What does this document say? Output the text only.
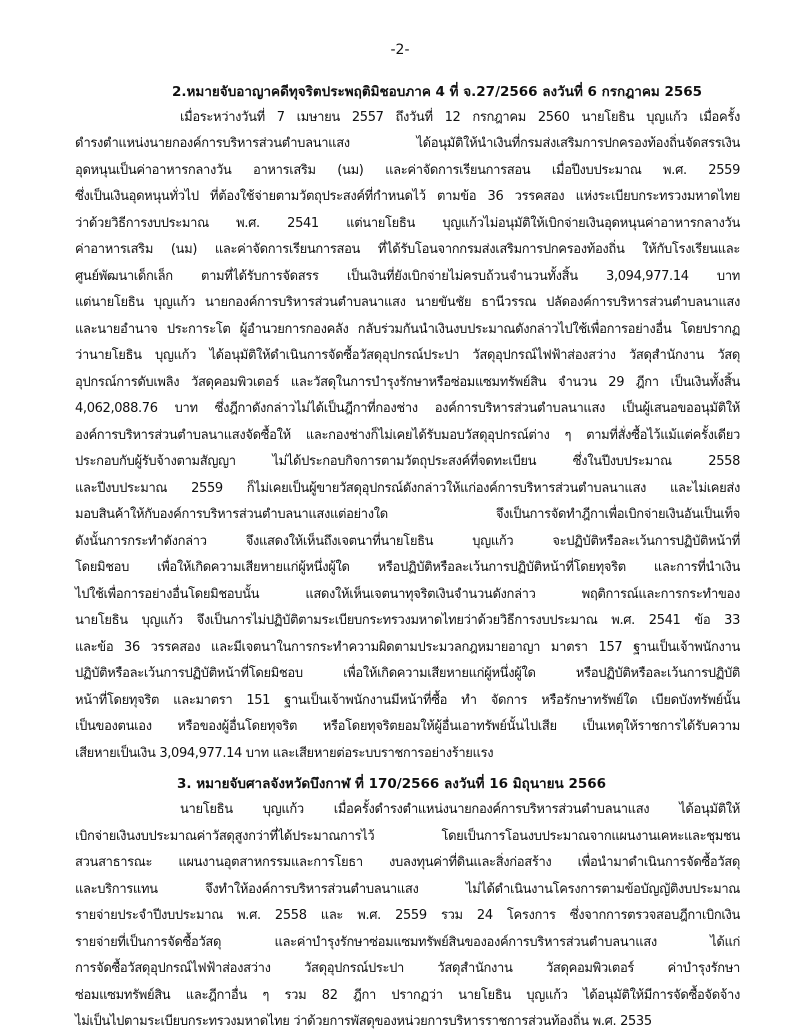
-2-
2.หมายจับอาญาคดีทุจริตประพฤติมิชอบภาค 4 ที่ จ.27/2566 ลงวันที่ 6 กรกฎาคม 2565
เมื่อระหว่างวันที่ 7 เมษายน 2557 ถึงวันที่ 12 กรกฎาคม 2560 นายโยธิน บุญแก้ว เมื่อครั้ง
ดำรงตำแหน่งนายกองค์การบริหารส่วนตำบลนาแสง ได้อนุมัติให้นำเงินที่กรมส่งเสริมการปกครองท้องถิ่นจัดสรรเงิน
อุดหนุนเป็นค่าอาหารกลางวัน อาหารเสริม (นม) และค่าจัดการเรียนการสอน เมื่อปีงบประมาณ พ.ศ. 2559
ซึ่งเป็นเงินอุดหนุนทั่วไป ที่ต้องใช้จ่ายตามวัตถุประสงค์ที่กำหนดไว้ ตามข้อ 36 วรรคสอง แห่งระเบียบกระทรวงมหาดไทย
ว่าด้วยวิธีการงบประมาณ พ.ศ. 2541 แต่นายโยธิน บุญแก้วไม่อนุมัติให้เบิกจ่ายเงินอุดหนุนค่าอาหารกลางวัน
ค่าอาหารเสริม (นม) และค่าจัดการเรียนการสอน ที่ได้รับโอนจากกรมส่งเสริมการปกครองท้องถิ่น ให้กับโรงเรียนและ
ศูนย์พัฒนาเด็กเล็ก ตามที่ได้รับการจัดสรร เป็นเงินที่ยังเบิกจ่ายไม่ครบถ้วนจำนวนทั้งสิ้น 3,094,977.14 บาท
แต่นายโยธิน บุญแก้ว นายกองค์การบริหารส่วนตำบลนาแสง นายขันชัย ธานีวรรณ ปลัดองค์การบริหารส่วนตำบลนาแสง
และนายอำนาจ ประการะโต ผู้อำนวยการกองคลัง กลับร่วมกันนำเงินงบประมาณดังกล่าวไปใช้เพื่อการอย่างอื่น โดยปรากฏ
ว่านายโยธิน บุญแก้ว ได้อนุมัติให้ดำเนินการจัดซื้อวัสดุอุปกรณ์ประปา วัสดุอุปกรณ์ไฟฟ้าส่องสว่าง วัสดุสำนักงาน วัสดุ
อุปกรณ์การดับเพลิง วัสดุคอมพิวเตอร์ และวัสดุในการบำรุงรักษาหรือซ่อมแซมทรัพย์สิน จำนวน 29 ฎีกา เป็นเงินทั้งสิ้น
4,062,088.76 บาท ซึ่งฎีกาดังกล่าวไม่ได้เป็นฎีกาที่กองช่าง องค์การบริหารส่วนตำบลนาแสง เป็นผู้เสนอขออนุมัติให้
องค์การบริหารส่วนตำบลนาแสงจัดซื้อให้ และกองช่างก็ไม่เคยได้รับมอบวัสดุอุปกรณ์ต่าง ๆ ตามที่สั่งซื้อไว้แม้แต่ครั้งเดียว
ประกอบกับผู้รับจ้างตามสัญญา ไม่ได้ประกอบกิจการตามวัตถุประสงค์ที่จดทะเบียน ซึ่งในปีงบประมาณ 2558
และปีงบประมาณ 2559 ก็ไม่เคยเป็นผู้ขายวัสดุอุปกรณ์ดังกล่าวให้แก่องค์การบริหารส่วนตำบลนาแสง และไม่เคยส่ง
มอบสินค้าให้กับองค์การบริหารส่วนตำบลนาแสงแต่อย่างใด จึงเป็นการจัดทำฎีกาเพื่อเบิกจ่ายเงินอันเป็นเท็จ
ดังนั้นการกระทำดังกล่าว จึงแสดงให้เห็นถึงเจตนาที่นายโยธิน บุญแก้ว จะปฏิบัติหรือละเว้นการปฏิบัติหน้าที่
โดยมิชอบ เพื่อให้เกิดความเสียหายแก่ผู้หนึ่งผู้ใด หรือปฏิบัติหรือละเว้นการปฏิบัติหน้าที่โดยทุจริต และการที่นำเงิน
ไปใช้เพื่อการอย่างอื่นโดยมิชอบนั้น แสดงให้เห็นเจตนาทุจริตเงินจำนวนดังกล่าว พฤติการณ์และการกระทำของ
นายโยธิน บุญแก้ว จึงเป็นการไม่ปฏิบัติตามระเบียบกระทรวงมหาดไทยว่าด้วยวิธีการงบประมาณ พ.ศ. 2541 ข้อ 33
และข้อ 36 วรรคสอง และมีเจตนาในการกระทำความผิดตามประมวลกฎหมายอาญา มาตรา 157 ฐานเป็นเจ้าพนักงาน
ปฏิบัติหรือละเว้นการปฏิบัติหน้าที่โดยมิชอบ เพื่อให้เกิดความเสียหายแก่ผู้หนึ่งผู้ใด หรือปฏิบัติหรือละเว้นการปฏิบัติ
หน้าที่โดยทุจริต และมาตรา 151 ฐานเป็นเจ้าพนักงานมีหน้าที่ซื้อ ทำ จัดการ หรือรักษาทรัพย์ใด เบียดบังทรัพย์นั้น
เป็นของตนเอง หรือของผู้อื่นโดยทุจริต หรือโดยทุจริตยอมให้ผู้อื่นเอาทรัพย์นั้นไปเสีย เป็นเหตุให้ราชการได้รับความ
เสียหายเป็นเงิน 3,094,977.14 บาท และเสียหายต่อระบบราชการอย่างร้ายแรง
3. หมายจับศาลจังหวัดบึงกาฬ ที่ 170/2566 ลงวันที่ 16 มิถุนายน 2566
นายโยธิน บุญแก้ว เมื่อครั้งดำรงตำแหน่งนายกองค์การบริหารส่วนตำบลนาแสง ได้อนุมัติให้
เบิกจ่ายเงินงบประมาณค่าวัสดุสูงกว่าที่ได้ประมาณการไว้ โดยเป็นการโอนงบประมาณจากแผนงานเคหะและชุมชน
สวนสาธารณะ แผนงานอุตสาหกรรมและการโยธา งบลงทุนค่าที่ดินและสิ่งก่อสร้าง เพื่อนำมาดำเนินการจัดซื้อวัสดุ
และบริการแทน จึงทำให้องค์การบริหารส่วนตำบลนาแสง ไม่ได้ดำเนินงานโครงการตามข้อบัญญัติงบประมาณ
รายจ่ายประจำปีงบประมาณ พ.ศ. 2558 และ พ.ศ. 2559 รวม 24 โครงการ ซึ่งจากการตรวจสอบฎีกาเบิกเงิน
รายจ่ายที่เป็นการจัดซื้อวัสดุ และค่าบำรุงรักษาซ่อมแซมทรัพย์สินขององค์การบริหารส่วนตำบลนาแสง ได้แก่
การจัดซื้อวัสดุอุปกรณ์ไฟฟ้าส่องสว่าง วัสดุอุปกรณ์ประปา วัสดุสำนักงาน วัสดุคอมพิวเตอร์ ค่าบำรุงรักษา
ซ่อมแซมทรัพย์สิน และฎีกาอื่น ๆ รวม 82 ฎีกา ปรากฏว่า นายโยธิน บุญแก้ว ได้อนุมัติให้มีการจัดซื้อจัดจ้าง
ไม่เป็นไปตามระเบียบกระทรวงมหาดไทย ว่าด้วยการพัสดุของหน่วยการบริหารราชการส่วนท้องถิ่น พ.ศ. 2535
